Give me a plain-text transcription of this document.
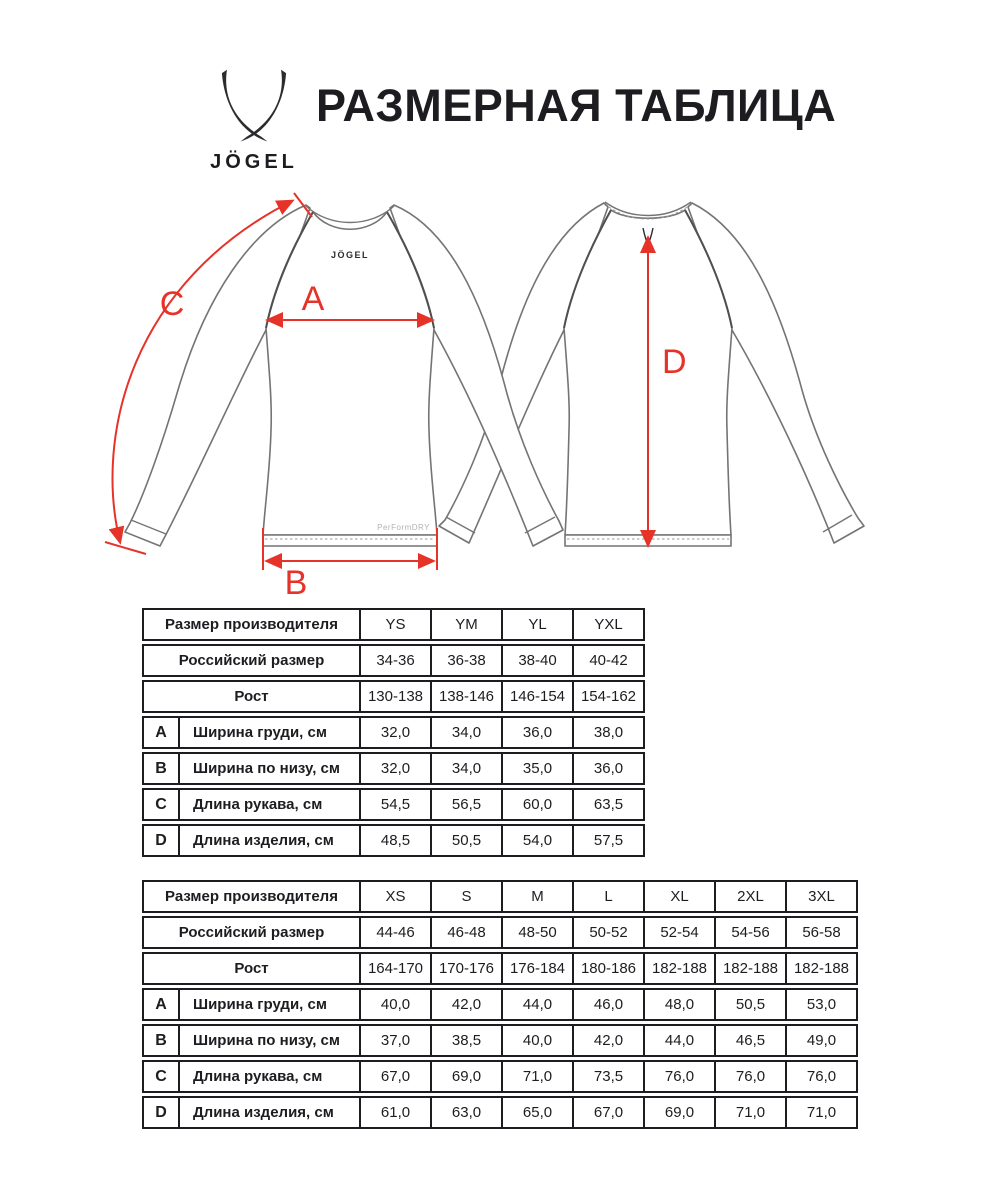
JÖGEL
РАЗМЕРНАЯ ТАБЛИЦА
JÖGEL
PerFormDRY
A
B
C
D
Размер производителя	YS	YM	YL	YXL
Российский размер	34-36	36-38	38-40	40-42
Рост	130-138	138-146	146-154	154-162
A	Ширина груди, см	32,0	34,0	36,0	38,0
B	Ширина по низу, см	32,0	34,0	35,0	36,0
C	Длина рукава, см	54,5	56,5	60,0	63,5
D	Длина изделия, см	48,5	50,5	54,0	57,5
Размер производителя	XS	S	M	L	XL	2XL	3XL
Российский размер	44-46	46-48	48-50	50-52	52-54	54-56	56-58
Рост	164-170	170-176	176-184	180-186	182-188	182-188	182-188
A	Ширина груди, см	40,0	42,0	44,0	46,0	48,0	50,5	53,0
B	Ширина по низу, см	37,0	38,5	40,0	42,0	44,0	46,5	49,0
C	Длина рукава, см	67,0	69,0	71,0	73,5	76,0	76,0	76,0
D	Длина изделия, см	61,0	63,0	65,0	67,0	69,0	71,0	71,0
